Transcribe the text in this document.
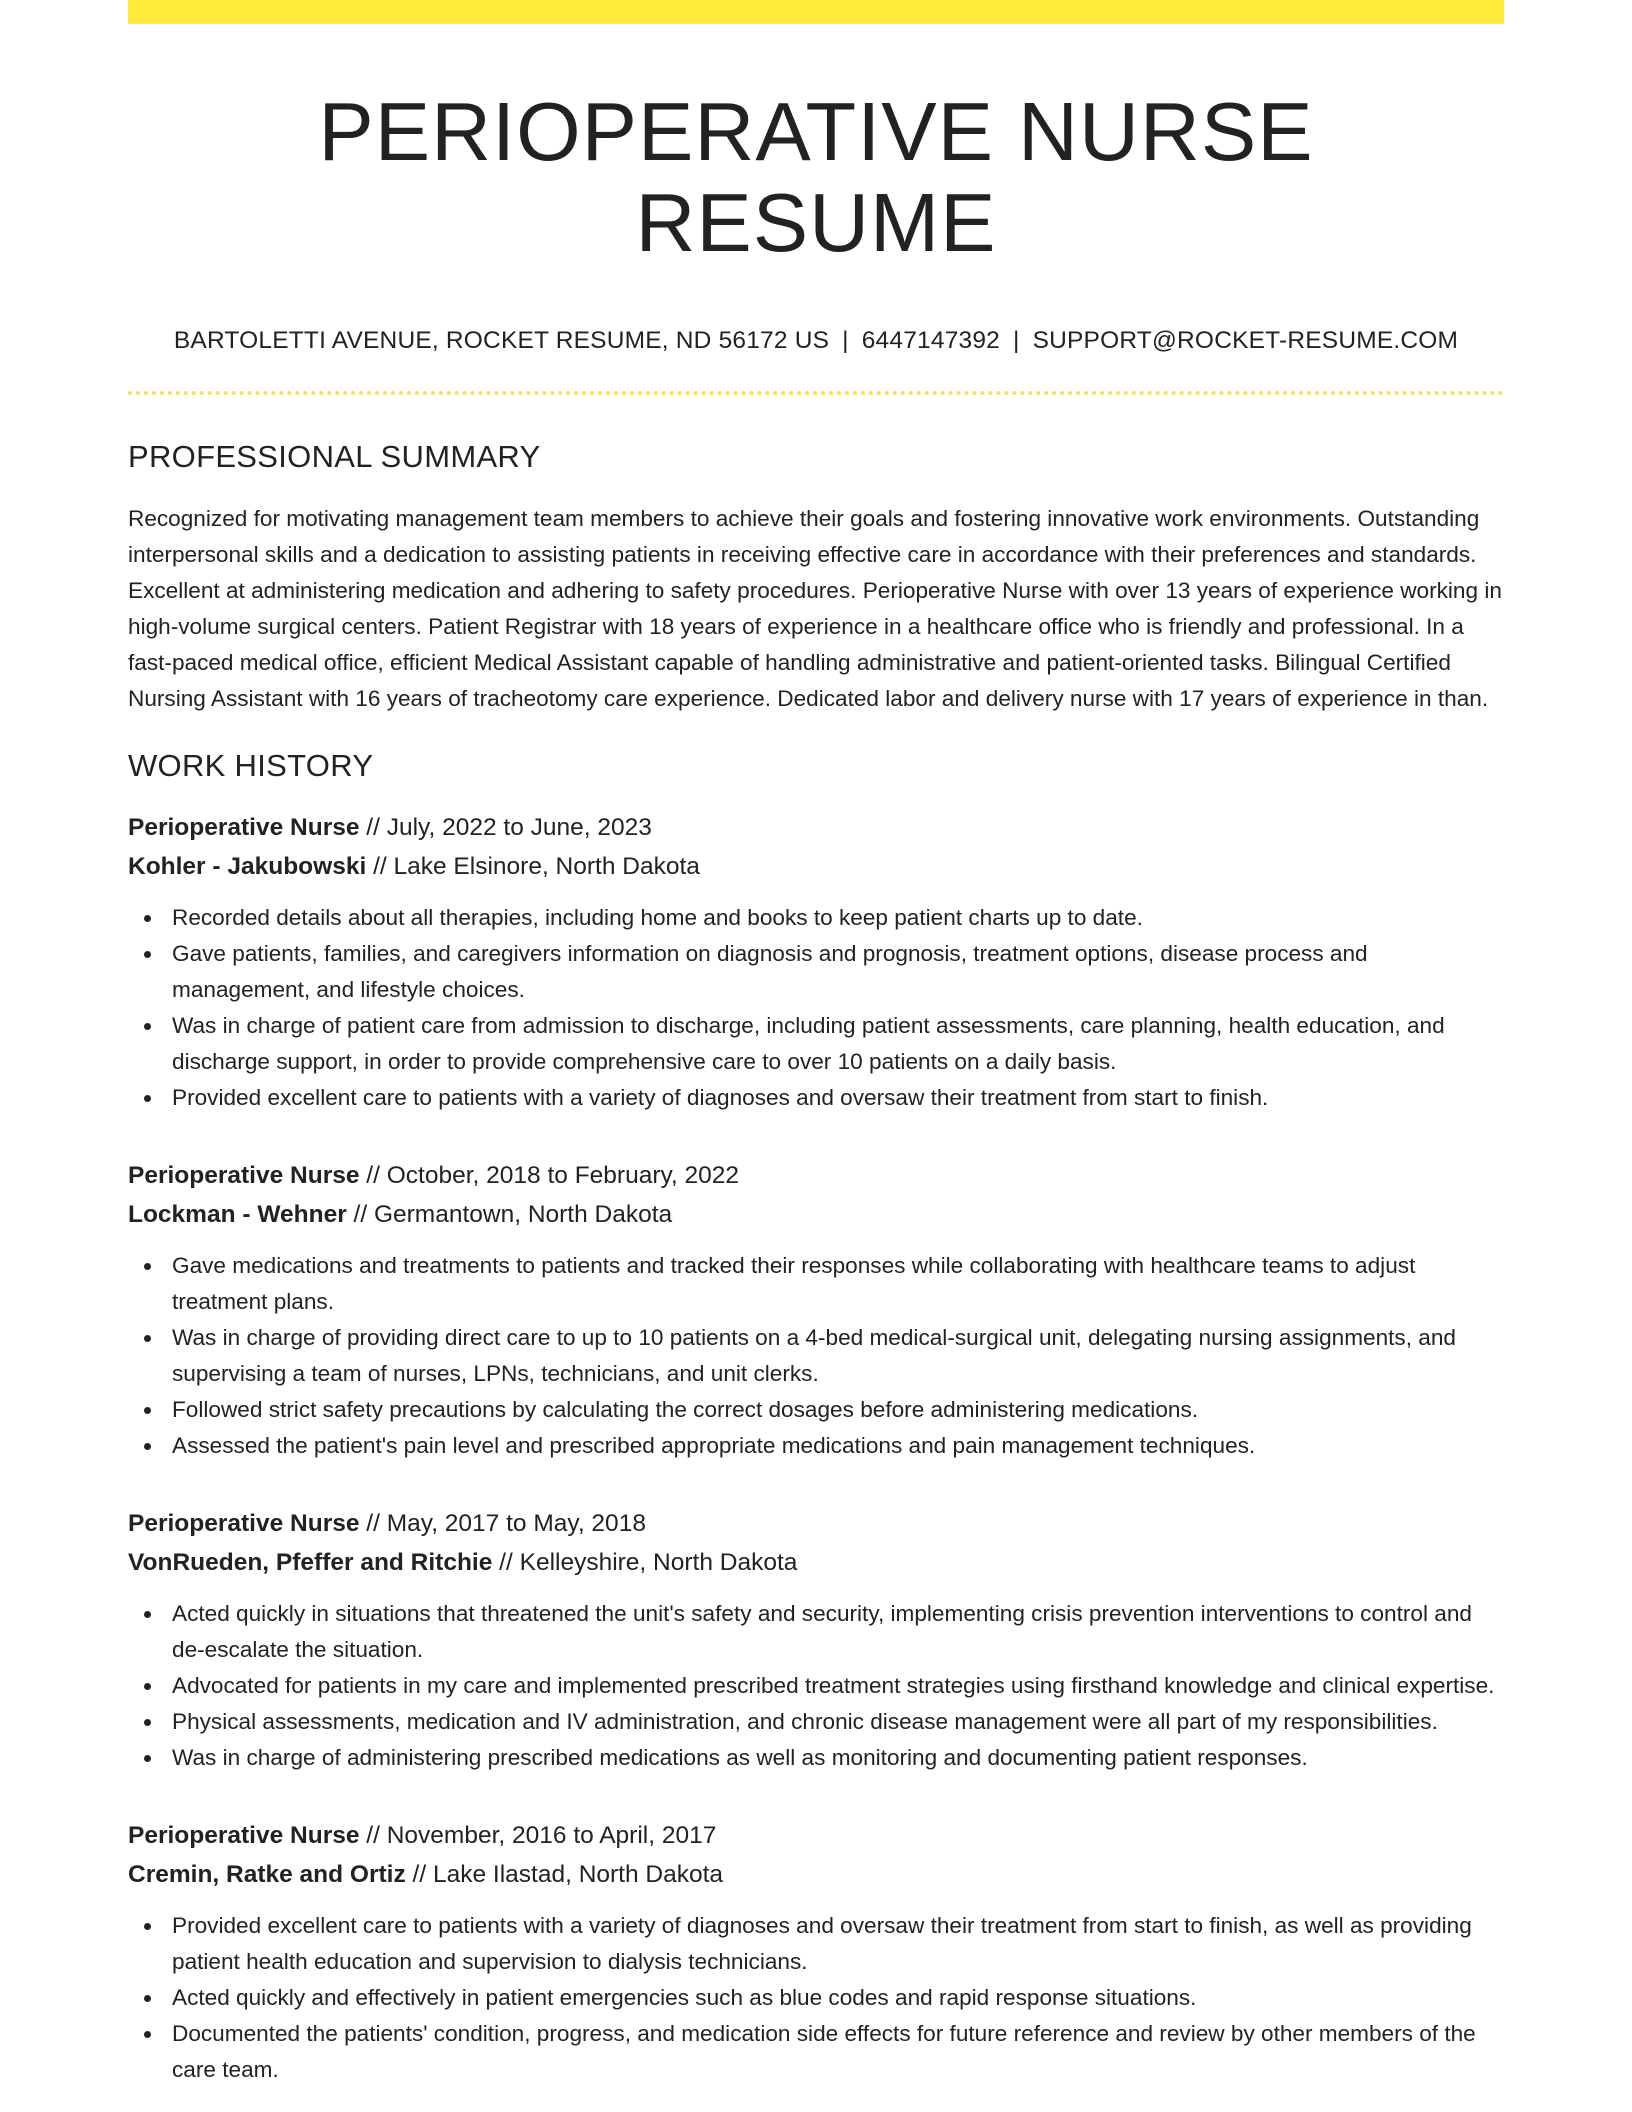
PERIOPERATIVE NURSE RESUME
BARTOLETTI AVENUE, ROCKET RESUME, ND 56172 US | 6447147392 | SUPPORT@ROCKET-RESUME.COM
PROFESSIONAL SUMMARY

Recognized for motivating management team members to achieve their goals and fostering innovative work environments. Outstanding interpersonal skills and a dedication to assisting patients in receiving effective care in accordance with their preferences and standards. Excellent at administering medication and adhering to safety procedures. Perioperative Nurse with over 13 years of experience working in high-volume surgical centers. Patient Registrar with 18 years of experience in a healthcare office who is friendly and professional. In a fast-paced medical office, efficient Medical Assistant capable of handling administrative and patient-oriented tasks. Bilingual Certified Nursing Assistant with 16 years of tracheotomy care experience. Dedicated labor and delivery nurse with 17 years of experience in than.

WORK HISTORY
Perioperative Nurse // July, 2022 to June, 2023
Kohler - Jakubowski // Lake Elsinore, North Dakota
Recorded details about all therapies, including home and books to keep patient charts up to date.
Gave patients, families, and caregivers information on diagnosis and prognosis, treatment options, disease process and management, and lifestyle choices.
Was in charge of patient care from admission to discharge, including patient assessments, care planning, health education, and discharge support, in order to provide comprehensive care to over 10 patients on a daily basis.
Provided excellent care to patients with a variety of diagnoses and oversaw their treatment from start to finish.
Perioperative Nurse // October, 2018 to February, 2022
Lockman - Wehner // Germantown, North Dakota
Gave medications and treatments to patients and tracked their responses while collaborating with healthcare teams to adjust treatment plans.
Was in charge of providing direct care to up to 10 patients on a 4-bed medical-surgical unit, delegating nursing assignments, and supervising a team of nurses, LPNs, technicians, and unit clerks.
Followed strict safety precautions by calculating the correct dosages before administering medications.
Assessed the patient's pain level and prescribed appropriate medications and pain management techniques.
Perioperative Nurse // May, 2017 to May, 2018
VonRueden, Pfeffer and Ritchie // Kelleyshire, North Dakota
Acted quickly in situations that threatened the unit's safety and security, implementing crisis prevention interventions to control and de-escalate the situation.
Advocated for patients in my care and implemented prescribed treatment strategies using firsthand knowledge and clinical expertise.
Physical assessments, medication and IV administration, and chronic disease management were all part of my responsibilities.
Was in charge of administering prescribed medications as well as monitoring and documenting patient responses.
Perioperative Nurse // November, 2016 to April, 2017
Cremin, Ratke and Ortiz // Lake Ilastad, North Dakota
Provided excellent care to patients with a variety of diagnoses and oversaw their treatment from start to finish, as well as providing patient health education and supervision to dialysis technicians.
Acted quickly and effectively in patient emergencies such as blue codes and rapid response situations.
Documented the patients' condition, progress, and medication side effects for future reference and review by other members of the care team.
